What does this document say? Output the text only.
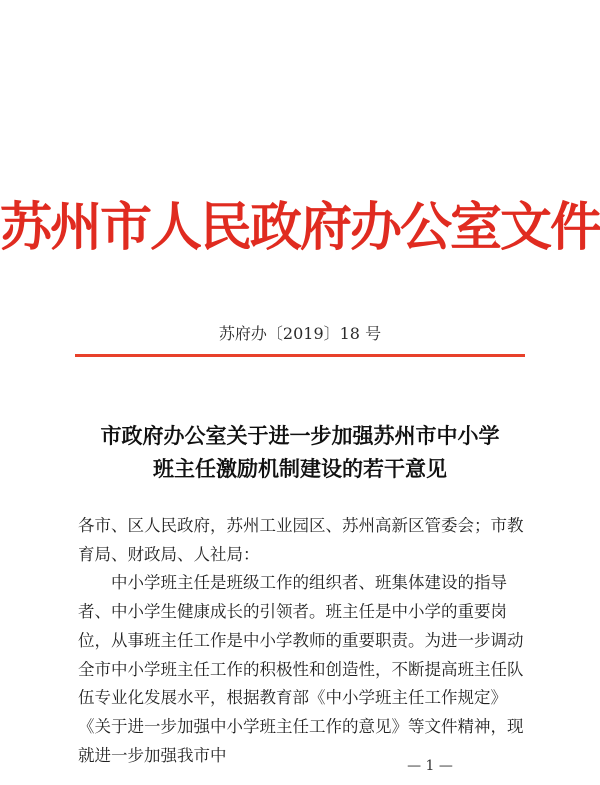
苏州市人民政府办公室文件
苏府办〔2019〕18 号
市政府办公室关于进一步加强苏州市中小学
班主任激励机制建设的若干意见

各市、区人民政府，苏州工业园区、苏州高新区管委会；市教育局、财政局、人社局：

中小学班主任是班级工作的组织者、班集体建设的指导者、中小学生健康成长的引领者。班主任是中小学的重要岗位，从事班主任工作是中小学教师的重要职责。为进一步调动全市中小学班主任工作的积极性和创造性，不断提高班主任队伍专业化发展水平，根据教育部《中小学班主任工作规定》《关于进一步加强中小学班主任工作的意见》等文件精神，现就进一步加强我市中

— 1 —
